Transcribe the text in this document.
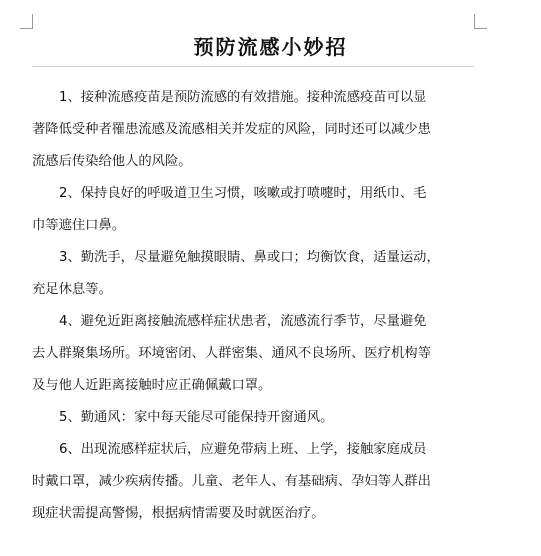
预防流感小妙招

1、接种流感疫苗是预防流感的有效措施。接种流感疫苗可以显
著降低受种者罹患流感及流感相关并发症的风险，同时还可以减少患
流感后传染给他人的风险。

2、保持良好的呼吸道卫生习惯，咳嗽或打喷嚏时，用纸巾、毛
巾等遮住口鼻。

3、勤洗手，尽量避免触摸眼睛、鼻或口；均衡饮食，适量运动，
充足休息等。

4、避免近距离接触流感样症状患者，流感流行季节，尽量避免
去人群聚集场所。环境密闭、人群密集、通风不良场所、医疗机构等
及与他人近距离接触时应正确佩戴口罩。

5、勤通风：家中每天能尽可能保持开窗通风。

6、出现流感样症状后，应避免带病上班、上学，接触家庭成员
时戴口罩，减少疾病传播。儿童、老年人、有基础病、孕妇等人群出
现症状需提高警惕，根据病情需要及时就医治疗。
